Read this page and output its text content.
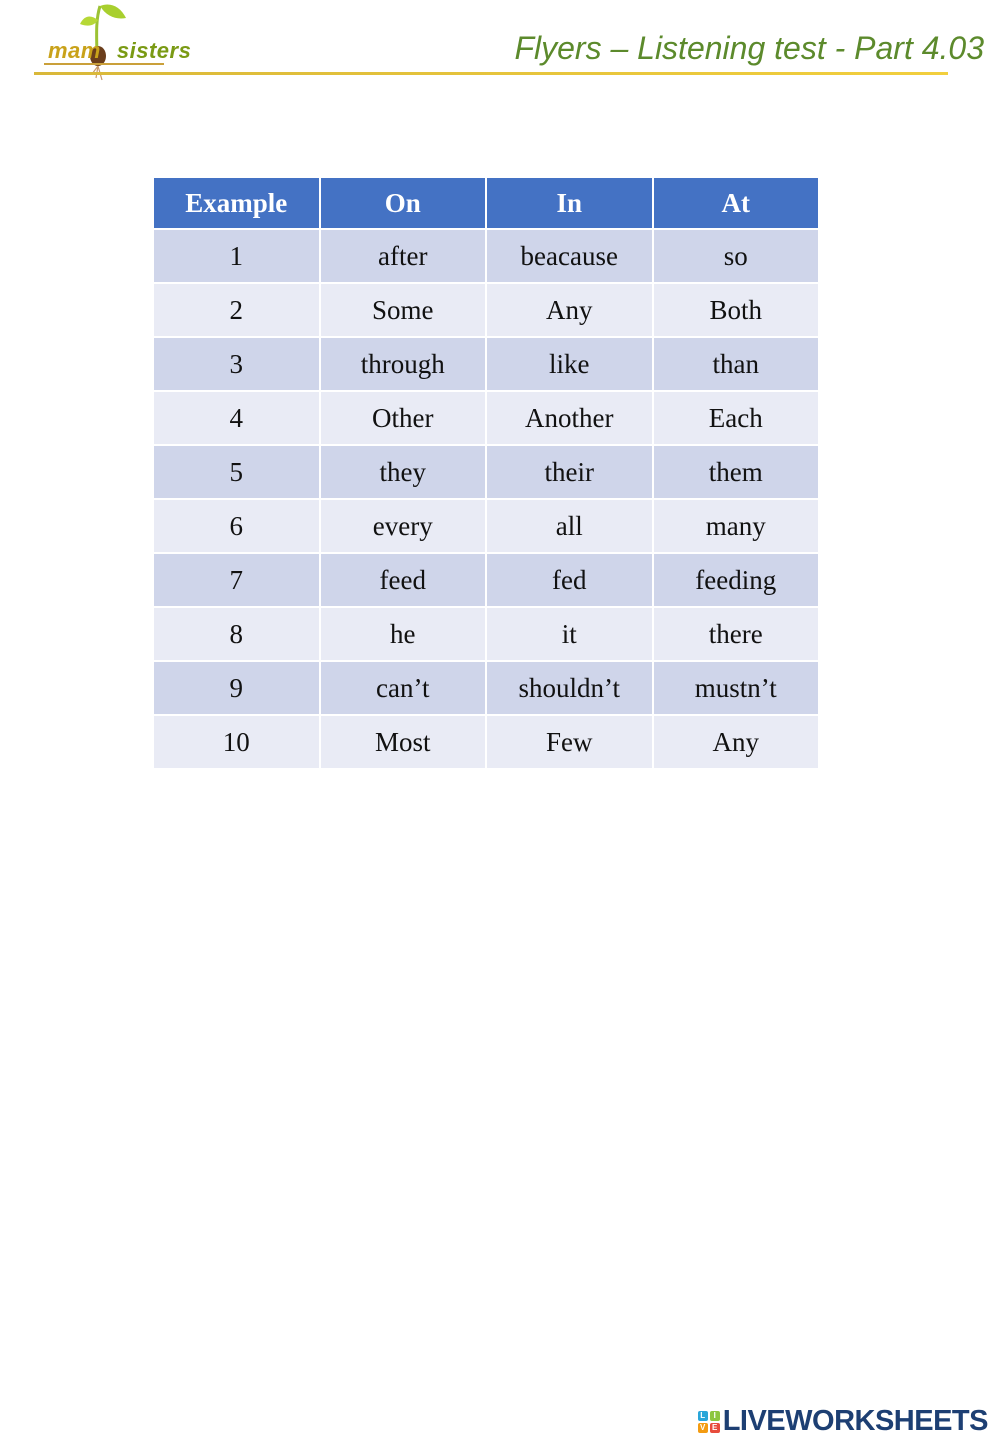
mam sisters	Flyers – Listening test - Part 4.03
Example	On	In	At
1	after	beacause	so
2	Some	Any	Both
3	through	like	than
4	Other	Another	Each
5	they	their	them
6	every	all	many
7	feed	fed	feeding
8	he	it	there
9	can’t	shouldn’t	mustn’t
10	Most	Few	Any
L	I
V E LIVEWORKSHEETS
